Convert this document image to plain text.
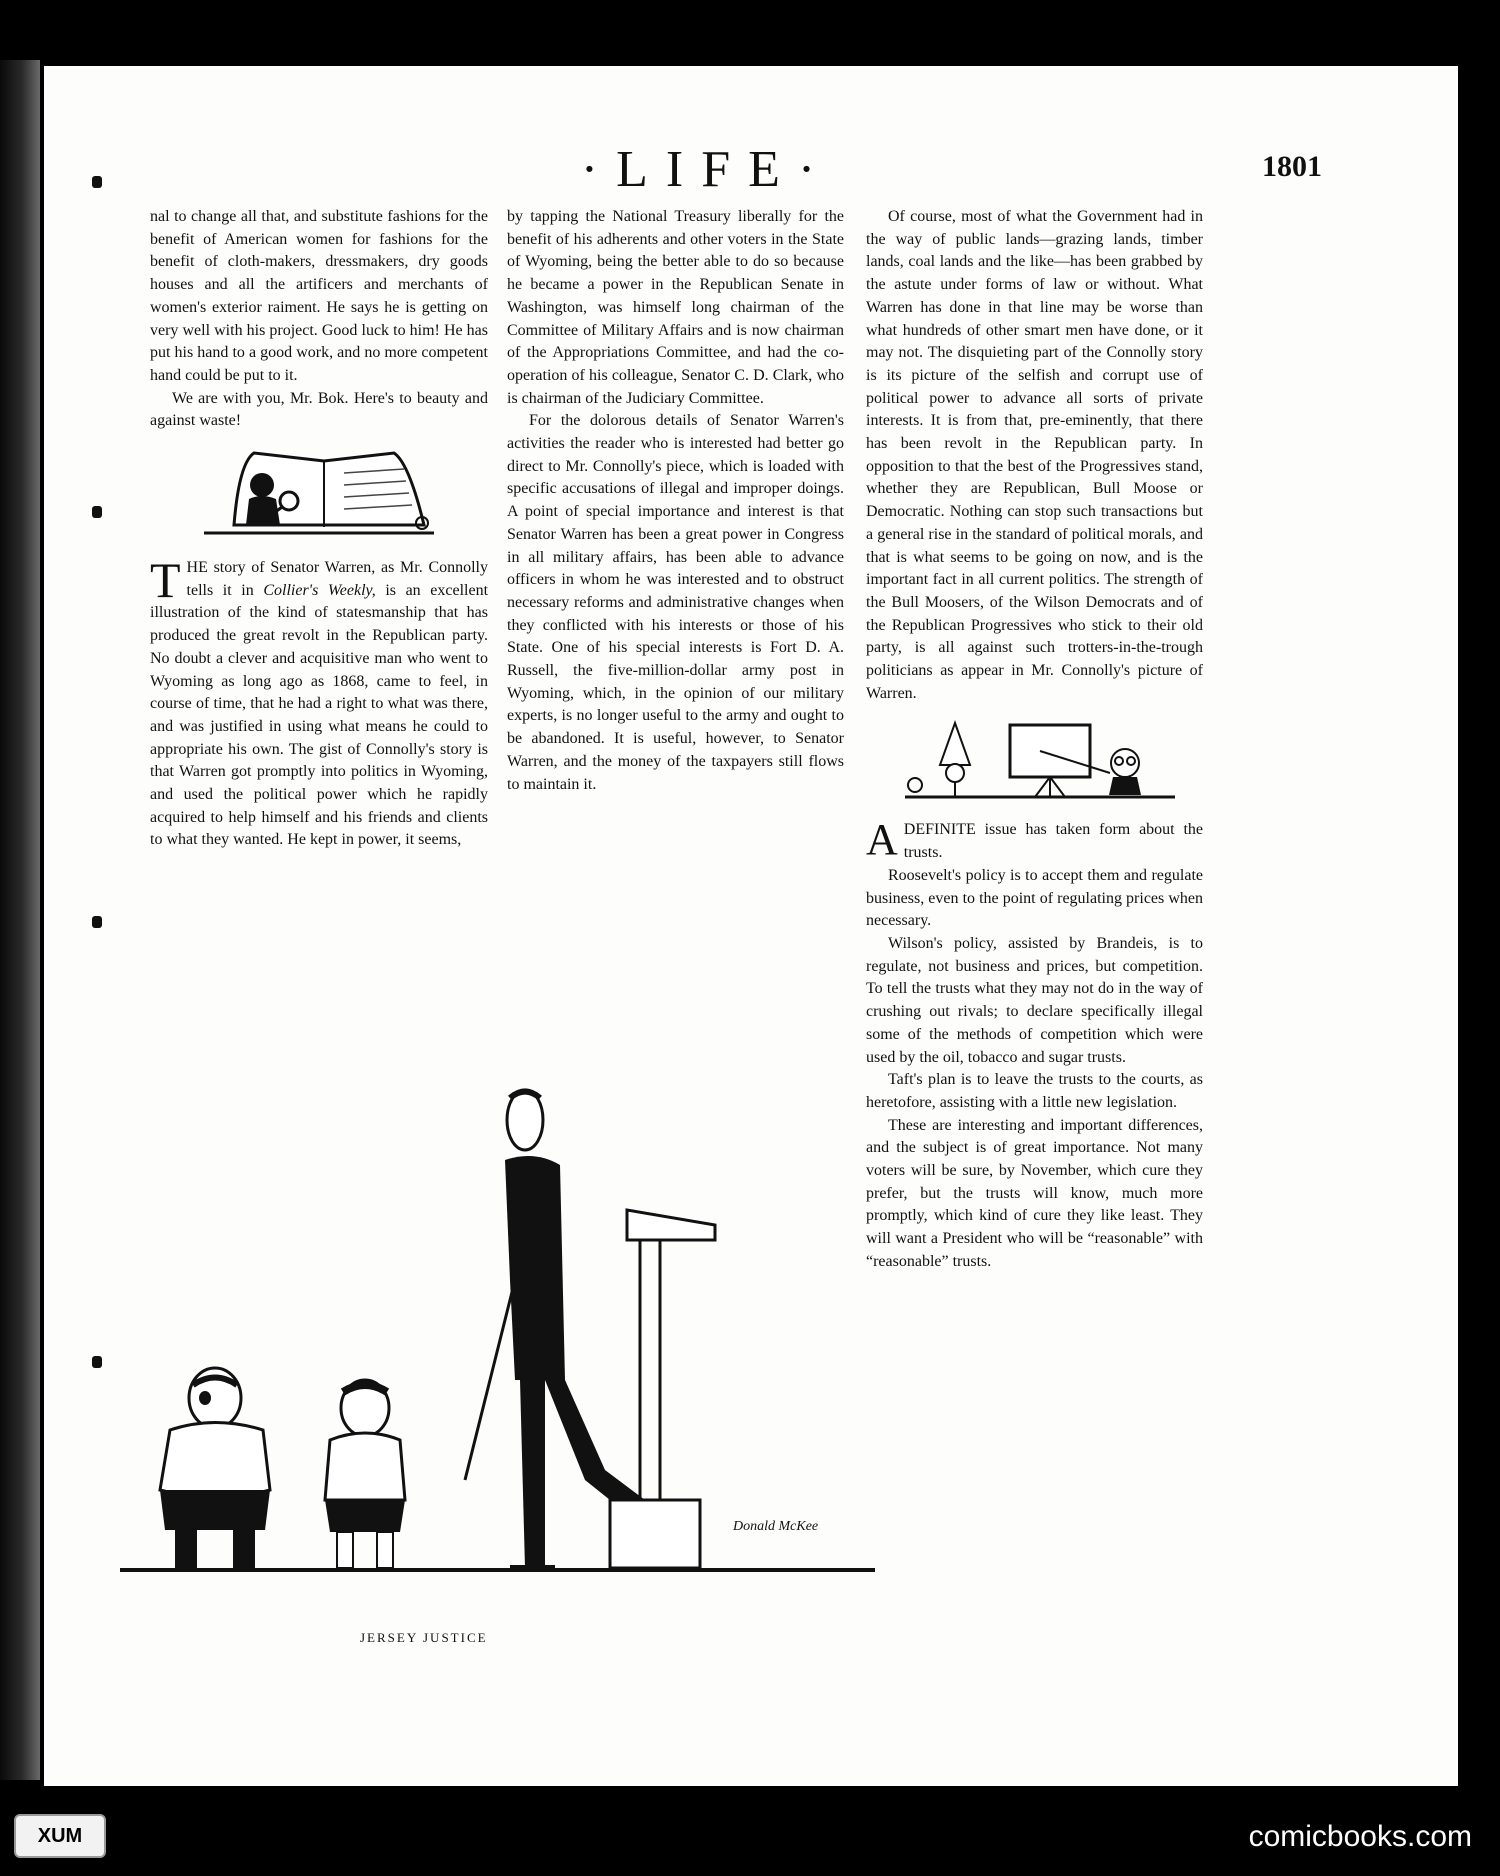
·LIFE·	1801

nal to change all that, and substitute fashions for the benefit of American women for fashions for the benefit of cloth-makers, dressmakers, dry goods houses and all the artificers and merchants of women's exterior raiment. He says he is getting on very well with his project. Good luck to him! He has put his hand to a good work, and no more competent hand could be put to it.

We are with you, Mr. Bok. Here's to beauty and against waste!

THE story of Senator Warren, as Mr. Connolly tells it in Collier's Weekly, is an excellent illustration of the kind of statesmanship that has produced the great revolt in the Republican party. No doubt a clever and acquisitive man who went to Wyoming as long ago as 1868, came to feel, in course of time, that he had a right to what was there, and was justified in using what means he could to appropriate his own. The gist of Connolly's story is that Warren got promptly into politics in Wyoming, and used the political power which he rapidly acquired to help himself and his friends and clients to what they wanted. He kept in power, it seems,

by tapping the National Treasury liberally for the benefit of his adherents and other voters in the State of Wyoming, being the better able to do so because he became a power in the Republican Senate in Washington, was himself long chairman of the Committee of Military Affairs and is now chairman of the Appropriations Committee, and had the co-operation of his colleague, Senator C. D. Clark, who is chairman of the Judiciary Committee.

For the dolorous details of Senator Warren's activities the reader who is interested had better go direct to Mr. Connolly's piece, which is loaded with specific accusations of illegal and improper doings. A point of special importance and interest is that Senator Warren has been a great power in Congress in all military affairs, has been able to advance officers in whom he was interested and to obstruct necessary reforms and administrative changes when they conflicted with his interests or those of his State. One of his special interests is Fort D. A. Russell, the five-million-dollar army post in Wyoming, which, in the opinion of our military experts, is no longer useful to the army and ought to be abandoned. It is useful, however, to Senator Warren, and the money of the taxpayers still flows to maintain it.

Of course, most of what the Government had in the way of public lands—grazing lands, timber lands, coal lands and the like—has been grabbed by the astute under forms of law or without. What Warren has done in that line may be worse than what hundreds of other smart men have done, or it may not. The disquieting part of the Connolly story is its picture of the selfish and corrupt use of political power to advance all sorts of private interests. It is from that, pre-eminently, that there has been revolt in the Republican party. In opposition to that the best of the Progressives stand, whether they are Republican, Bull Moose or Democratic. Nothing can stop such transactions but a general rise in the standard of political morals, and that is what seems to be going on now, and is the important fact in all current politics. The strength of the Bull Moosers, of the Wilson Democrats and of the Republican Progressives who stick to their old party, is all against such trotters-in-the-trough politicians as appear in Mr. Connolly's picture of Warren.

ADEFINITE issue has taken form about the trusts.

Roosevelt's policy is to accept them and regulate business, even to the point of regulating prices when necessary.

Wilson's policy, assisted by Brandeis, is to regulate, not business and prices, but competition. To tell the trusts what they may not do in the way of crushing out rivals; to declare specifically illegal some of the methods of competition which were used by the oil, tobacco and sugar trusts.

Taft's plan is to leave the trusts to the courts, as heretofore, assisting with a little new legislation.

These are interesting and important differences, and the subject is of great importance. Not many voters will be sure, by November, which cure they prefer, but the trusts will know, much more promptly, which kind of cure they like least. They will want a President who will be “reasonable” with “reasonable” trusts.

Donald McKee
JERSEY JUSTICE
XUM	comicbooks.com
